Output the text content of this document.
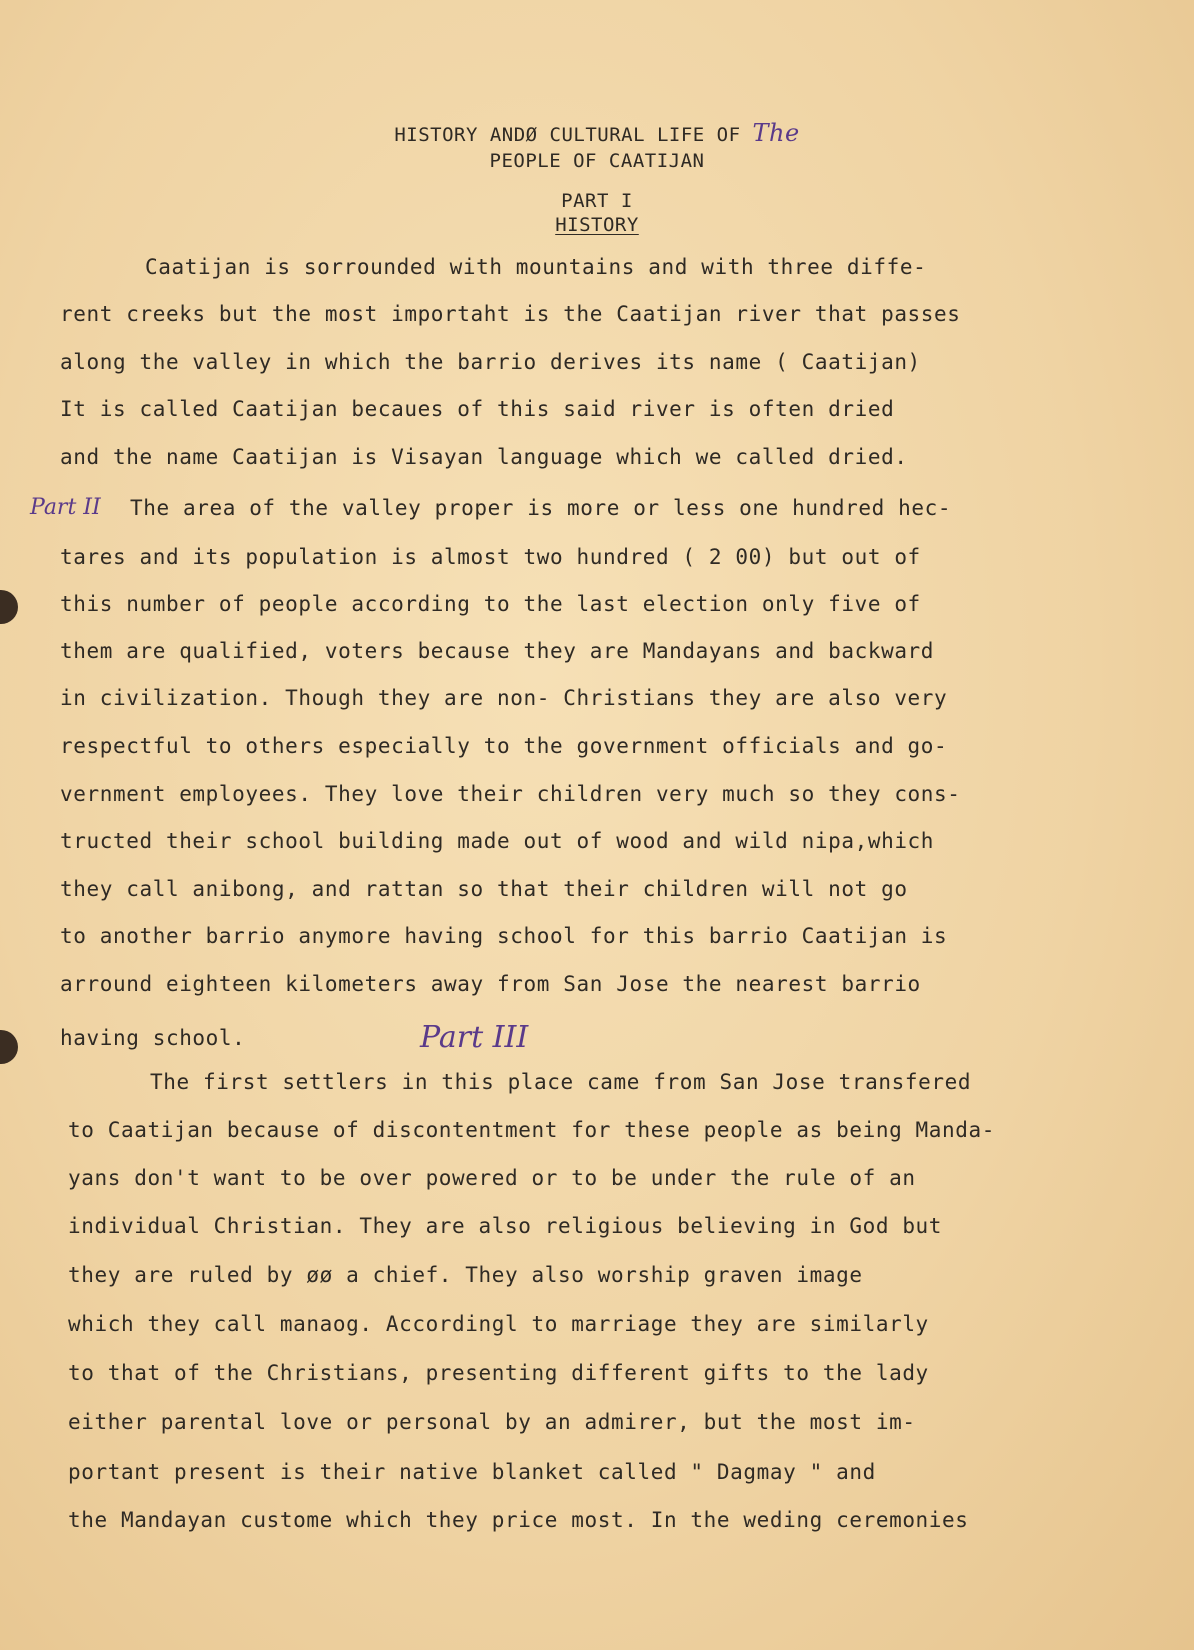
HISTORY ANDØ CULTURAL LIFE OF The
PEOPLE OF CAATIJAN
PART I
HISTORY
Part II
Part III
Caatijan is sorrounded with mountains and with three diffe-
rent creeks but the most importaht is the Caatijan river that passes
along the valley in which the barrio derives its name ( Caatijan)
It is called Caatijan becaues of this said river is often dried
and the name Caatijan is Visayan language which we called dried.
The area of the valley proper is more or less one hundred hec-
tares and its population is almost two hundred ( 2 00) but out of
this number of people according to the last election only five of
them are qualified, voters because they are Mandayans and backward
in civilization. Though they are non- Christians they are also very
respectful to others especially to the government officials and go-
vernment employees. They love their children very much so they cons-
tructed their school building made out of wood and wild nipa,which
they call anibong, and rattan so that their children will not go
to another barrio anymore having school for this barrio Caatijan is
arround eighteen kilometers away from San Jose the nearest barrio
having school.
The first settlers in this place came from San Jose transfered
to Caatijan because of discontentment for these people as being Manda-
yans don't want to be over powered or to be under the rule of an
individual Christian. They are also religious believing in God but
they are ruled by øø a chief. They also worship graven image
which they call manaog. Accordingl to marriage they are similarly
to that of the Christians, presenting different gifts to the lady
either parental love or personal by an admirer, but the most im-
portant present is their native blanket called " Dagmay " and
the Mandayan custome which they price most. In the weding ceremonies
